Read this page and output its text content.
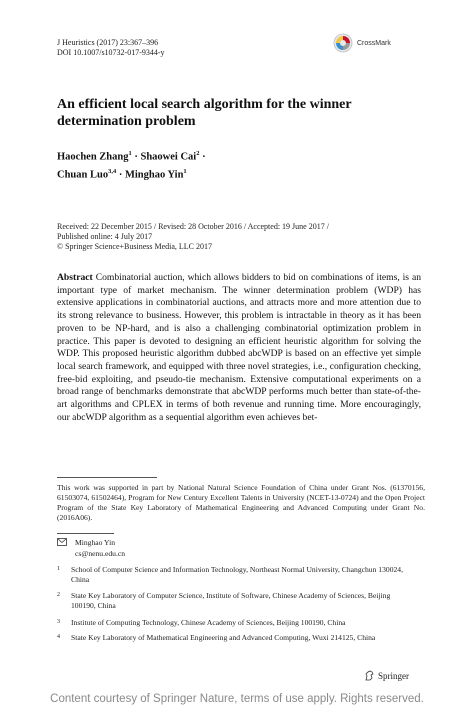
J Heuristics (2017) 23:367–396
DOI 10.1007/s10732-017-9344-y
CrossMark
An efficient local search algorithm for the winner determination problem
Haochen Zhang$^1$ · Shaowei Cai$^2$ ·
Chuan Luo$^{3,4}$ · Minghao Yin$^1$
Received: 22 December 2015 / Revised: 28 October 2016 / Accepted: 19 June 2017 /
Published online: 4 July 2017
© Springer Science+Business Media, LLC 2017
Abstract Combinatorial auction, which allows bidders to bid on combinations of items, is an important type of market mechanism. The winner determination problem (WDP) has extensive applications in combinatorial auctions, and attracts more and more attention due to its strong relevance to business. However, this problem is intractable in theory as it has been proven to be NP-hard, and is also a challenging combinatorial optimization problem in practice. This paper is devoted to designing an efficient heuristic algorithm for solving the WDP. This proposed heuristic algorithm dubbed abcWDP is based on an effective yet simple local search framework, and equipped with three novel strategies, i.e., configuration checking, free-bid exploiting, and pseudo-tie mechanism. Extensive computational experiments on a broad range of benchmarks demonstrate that abcWDP performs much better than state-of-the-art algorithms and CPLEX in terms of both revenue and running time. More encouragingly, our abcWDP algorithm as a sequential algorithm even achieves bet-
This work was supported in part by National Natural Science Foundation of China under Grant Nos. (61370156, 61503074, 61502464), Program for New Century Excellent Talents in University (NCET-13-0724) and the Open Project Program of the State Key Laboratory of Mathematical Engineering and Advanced Computing under Grant No. (2016A06).
Minghao Yin
cs@nenu.edu.cn
1	School of Computer Science and Information Technology, Northeast Normal University, Changchun 130024, China
2	State Key Laboratory of Computer Science, Institute of Software, Chinese Academy of Sciences, Beijing 100190, China
3	Institute of Computing Technology, Chinese Academy of Sciences, Beijing 100190, China
4	State Key Laboratory of Mathematical Engineering and Advanced Computing, Wuxi 214125, China
Springer
Content courtesy of Springer Nature, terms of use apply. Rights reserved.
